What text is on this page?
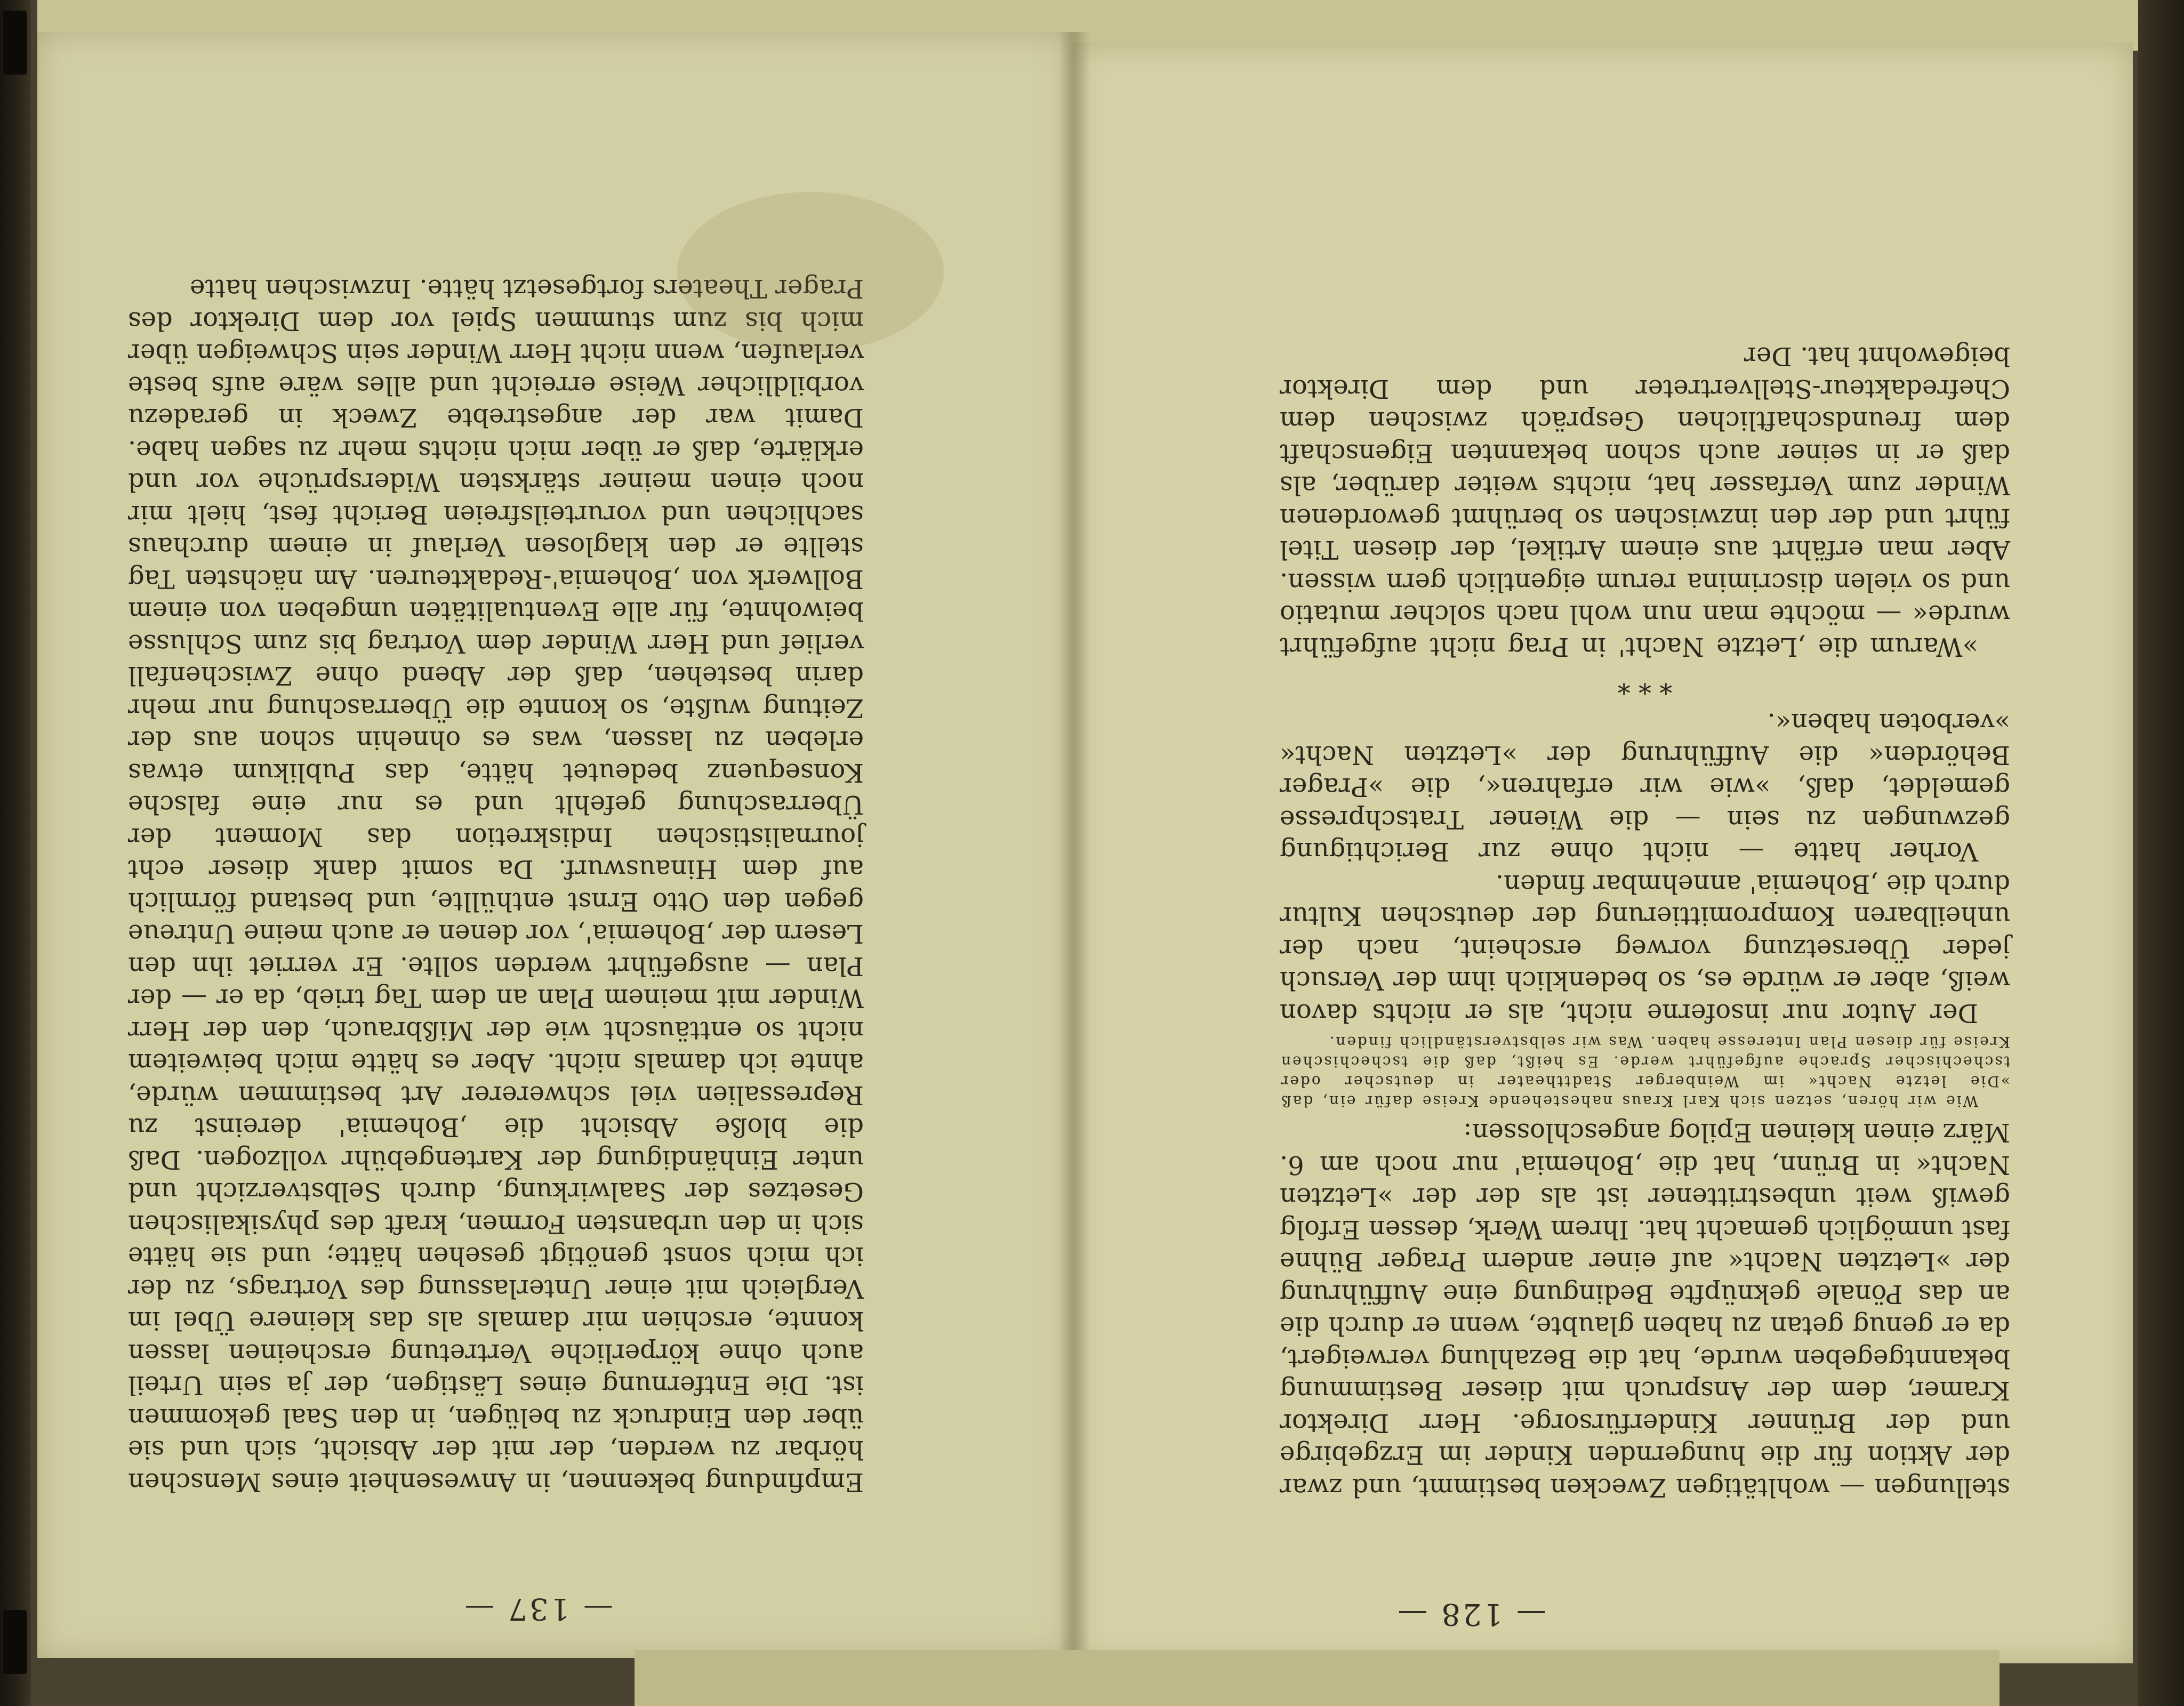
— 137 —

Empfindung bekennen, in Anwesenheit eines Menschen hörbar zu werden, der mit der Absicht, sich und sie über den Eindruck zu belügen, in den Saal gekommen ist. Die Entfernung eines Lästigen, der ja sein Urteil auch ohne körperliche Vertretung erscheinen lassen konnte, erschien mir damals als das kleinere Übel im Vergleich mit einer Unterlassung des Vortrags, zu der ich mich sonst genötigt gesehen hätte; und sie hätte sich in den urbansten Formen, kraft des physikalischen Gesetzes der Saalwirkung, durch Selbstverzicht und unter Einhändigung der Kartengebühr vollzogen. Daß die bloße Absicht die ‚Bohemia' dereinst zu Repressalien viel schwererer Art bestimmen würde, ahnte ich damals nicht. Aber es hätte mich beiweitem nicht so enttäuscht wie der Mißbrauch, den der Herr Winder mit meinem Plan an dem Tag trieb, da er — der Plan — ausgeführt werden sollte. Er verriet ihn den Lesern der ‚Bohemia', vor denen er auch meine Untreue gegen den Otto Ernst enthüllte, und bestand förmlich auf dem Hinauswurf. Da somit dank dieser echt journalistischen Indiskretion das Moment der Überraschung gefehlt und es nur eine falsche Konsequenz bedeutet hätte, das Publikum etwas erleben zu lassen, was es ohnehin schon aus der Zeitung wußte, so konnte die Überraschung nur mehr darin bestehen, daß der Abend ohne Zwischenfall verlief und Herr Winder dem Vortrag bis zum Schlusse beiwohnte, für alle Eventualitäten umgeben von einem Bollwerk von ‚Bohemia'-Redakteuren. Am nächsten Tag stellte er den klaglosen Verlauf in einem durchaus sachlichen und vorurteilsfreien Bericht fest, hielt mir noch einen meiner stärksten Widersprüche vor und erklärte, daß er über mich nichts mehr zu sagen habe. Damit war der angestrebte Zweck in geradezu vorbildlicher Weise erreicht und alles wäre aufs beste verlaufen, wenn nicht Herr Winder sein Schweigen über mich bis zum stummen Spiel vor dem Direktor des Prager Theaters fortgesetzt hätte. Inzwischen hatte

— 128 —

stellungen — wohltätigen Zwecken bestimmt, und zwar der Aktion für die hungernden Kinder im Erzgebirge und der Brünner Kinderfürsorge. Herr Direktor Kramer, dem der Anspruch mit dieser Bestimmung bekanntgegeben wurde, hat die Bezahlung verweigert, da er genug getan zu haben glaubte, wenn er durch die an das Pönale geknüpfte Bedingung eine Aufführung der »Letzten Nacht« auf einer andern Prager Bühne fast unmöglich gemacht hat. Ihrem Werk, dessen Erfolg gewiß weit unbestrittener ist als der der »Letzten Nacht« in Brünn, hat die ‚Bohemia' nur noch am 6. März einen kleinen Epilog angeschlossen:

Wie wir hören, setzen sich Karl Kraus nahestehende Kreise dafür ein, daß »Die letzte Nacht« im Weinberger Stadttheater in deutscher oder tschechischer Sprache aufgeführt werde. Es heißt, daß die tschechischen Kreise für diesen Plan Interesse haben. Was wir selbstverständlich finden.

Der Autor nur insoferne nicht, als er nichts davon weiß, aber er würde es, so bedenklich ihm der Versuch jeder Übersetzung vorweg erscheint, nach der unheilbaren Kompromittierung der deutschen Kultur durch die ‚Bohemia' annehmbar finden.

Vorher hatte — nicht ohne zur Berichtigung gezwungen zu sein — die Wiener Tratschpresse gemeldet, daß, »wie wir erfahren«, die »Prager Behörden« die Aufführung der »Letzten Nacht« »verboten haben«.

* * *

»Warum die ‚Letzte Nacht' in Prag nicht aufgeführt wurde« — möchte man nun wohl nach solcher mutatio und so vielen discrimina rerum eigentlich gern wissen. Aber man erfährt aus einem Artikel, der diesen Titel führt und der den inzwischen so berühmt gewordenen Winder zum Verfasser hat, nichts weiter darüber, als daß er in seiner auch schon bekannten Eigenschaft dem freundschaftlichen Gespräch zwischen dem Chefredakteur-Stellvertreter und dem Direktor beigewohnt hat. Der
